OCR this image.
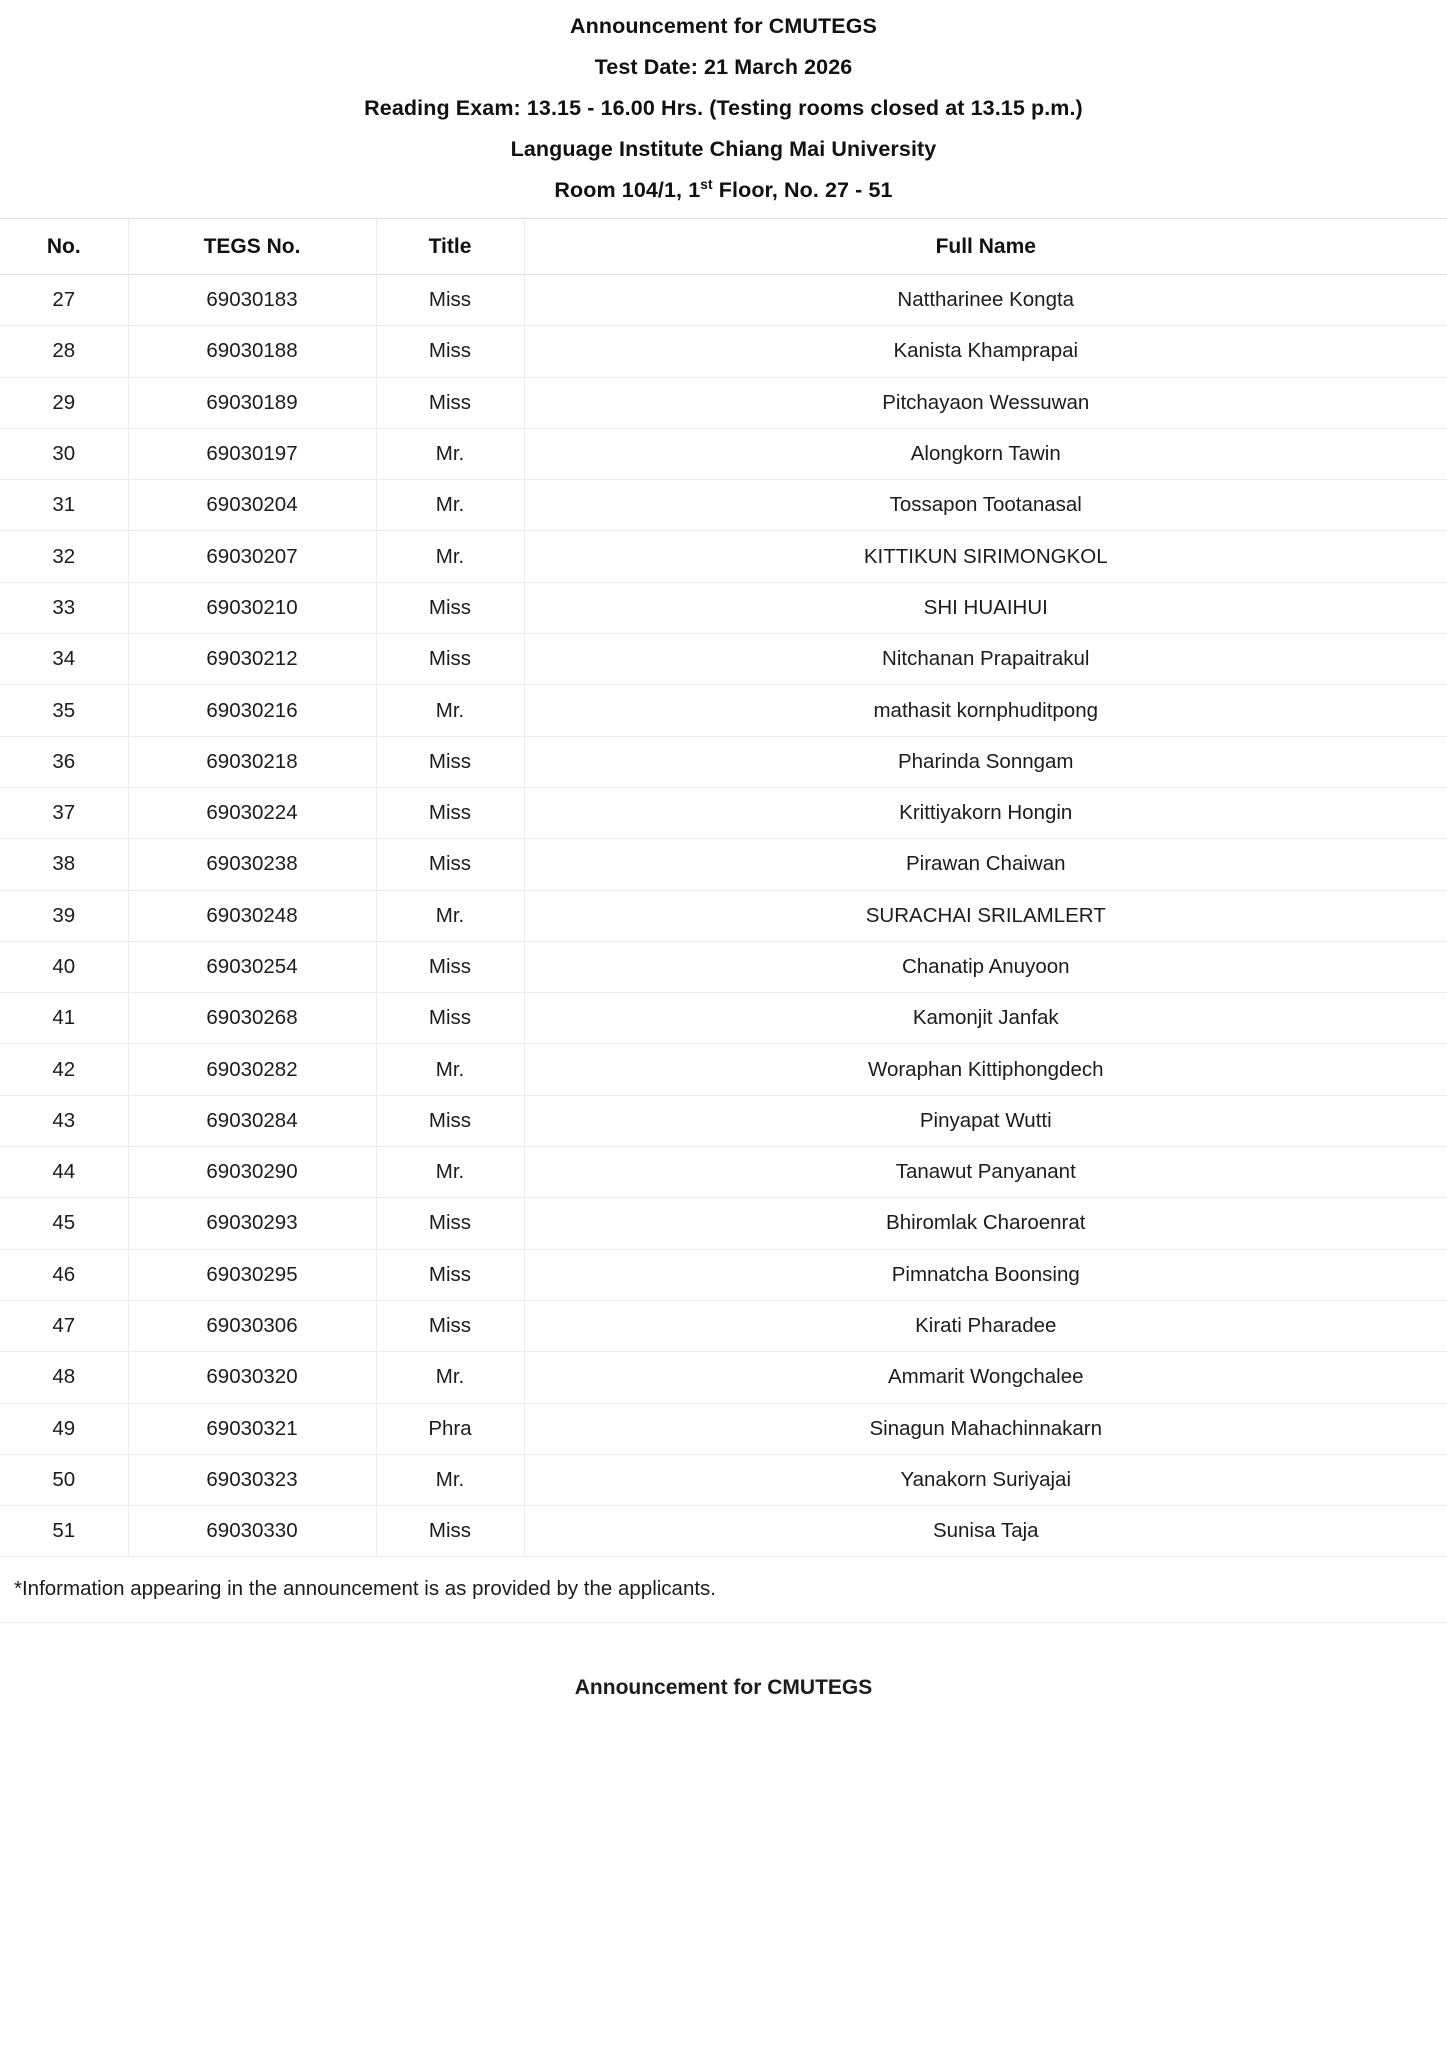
Announcement for CMUTEGS
Test Date: 21 March 2026
Reading Exam: 13.15 - 16.00 Hrs. (Testing rooms closed at 13.15 p.m.)
Language Institute Chiang Mai University
Room 104/1, 1st Floor, No. 27 - 51
No.	TEGS No.	Title	Full Name
27	69030183	Miss	Nattharinee Kongta
28	69030188	Miss	Kanista Khamprapai
29	69030189	Miss	Pitchayaon Wessuwan
30	69030197	Mr.	Alongkorn Tawin
31	69030204	Mr.	Tossapon Tootanasal
32	69030207	Mr.	KITTIKUN SIRIMONGKOL
33	69030210	Miss	SHI HUAIHUI
34	69030212	Miss	Nitchanan Prapaitrakul
35	69030216	Mr.	mathasit kornphuditpong
36	69030218	Miss	Pharinda Sonngam
37	69030224	Miss	Krittiyakorn Hongin
38	69030238	Miss	Pirawan Chaiwan
39	69030248	Mr.	SURACHAI SRILAMLERT
40	69030254	Miss	Chanatip Anuyoon
41	69030268	Miss	Kamonjit Janfak
42	69030282	Mr.	Woraphan Kittiphongdech
43	69030284	Miss	Pinyapat Wutti
44	69030290	Mr.	Tanawut Panyanant
45	69030293	Miss	Bhiromlak Charoenrat
46	69030295	Miss	Pimnatcha Boonsing
47	69030306	Miss	Kirati Pharadee
48	69030320	Mr.	Ammarit Wongchalee
49	69030321	Phra	Sinagun Mahachinnakarn
50	69030323	Mr.	Yanakorn Suriyajai
51	69030330	Miss	Sunisa Taja
*Information appearing in the announcement is as provided by the applicants.
Announcement for CMUTEGS
